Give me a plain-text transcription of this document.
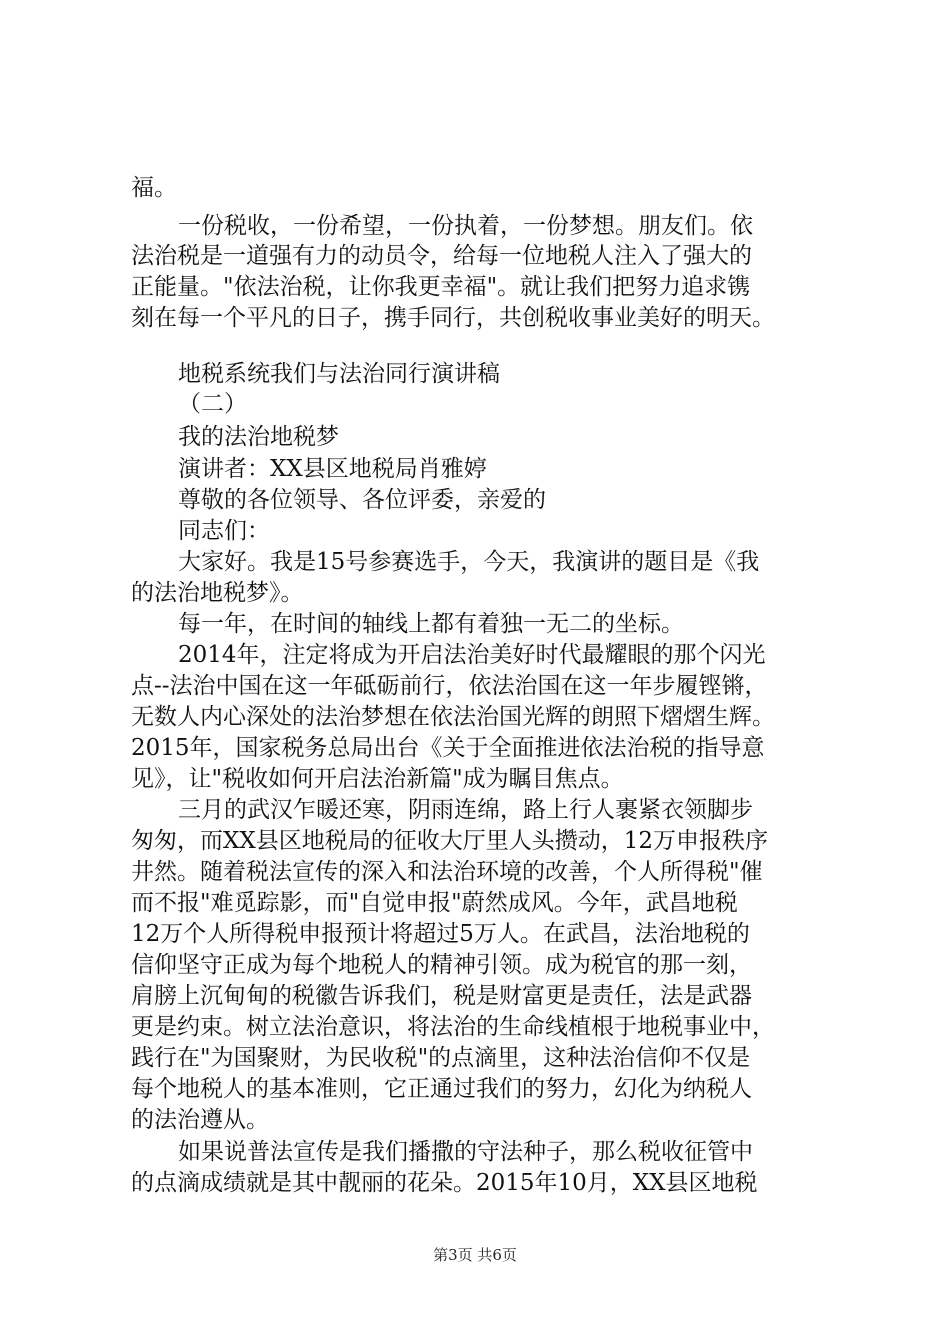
福。
一份税收，一份希望，一份执着，一份梦想。朋友们。依
法治税是一道强有力的动员令，给每一位地税人注入了强大的
正能量。"依法治税，让你我更幸福"。就让我们把努力追求镌
刻在每一个平凡的日子，携手同行，共创税收事业美好的明天。
地税系统我们与法治同行演讲稿
（二）
我的法治地税梦
演讲者：XX县区地税局肖雅婷
尊敬的各位领导、各位评委，亲爱的
同志们：
大家好。我是15号参赛选手，今天，我演讲的题目是《我
的法治地税梦》。
每一年，在时间的轴线上都有着独一无二的坐标。
2014年，注定将成为开启法治美好时代最耀眼的那个闪光
点--法治中国在这一年砥砺前行，依法治国在这一年步履铿锵，
无数人内心深处的法治梦想在依法治国光辉的朗照下熠熠生辉。
2015年，国家税务总局出台《关于全面推进依法治税的指导意
见》，让"税收如何开启法治新篇"成为瞩目焦点。
三月的武汉乍暖还寒，阴雨连绵，路上行人裹紧衣领脚步
匆匆，而XX县区地税局的征收大厅里人头攒动，12万申报秩序
井然。随着税法宣传的深入和法治环境的改善，个人所得税"催
而不报"难觅踪影，而"自觉申报"蔚然成风。今年，武昌地税
12万个人所得税申报预计将超过5万人。在武昌，法治地税的
信仰坚守正成为每个地税人的精神引领。成为税官的那一刻，
肩膀上沉甸甸的税徽告诉我们，税是财富更是责任，法是武器
更是约束。树立法治意识，将法治的生命线植根于地税事业中，
践行在"为国聚财，为民收税"的点滴里，这种法治信仰不仅是
每个地税人的基本准则，它正通过我们的努力，幻化为纳税人
的法治遵从。
如果说普法宣传是我们播撒的守法种子，那么税收征管中
的点滴成绩就是其中靓丽的花朵。2015年10月，XX县区地税
第3页 共6页
